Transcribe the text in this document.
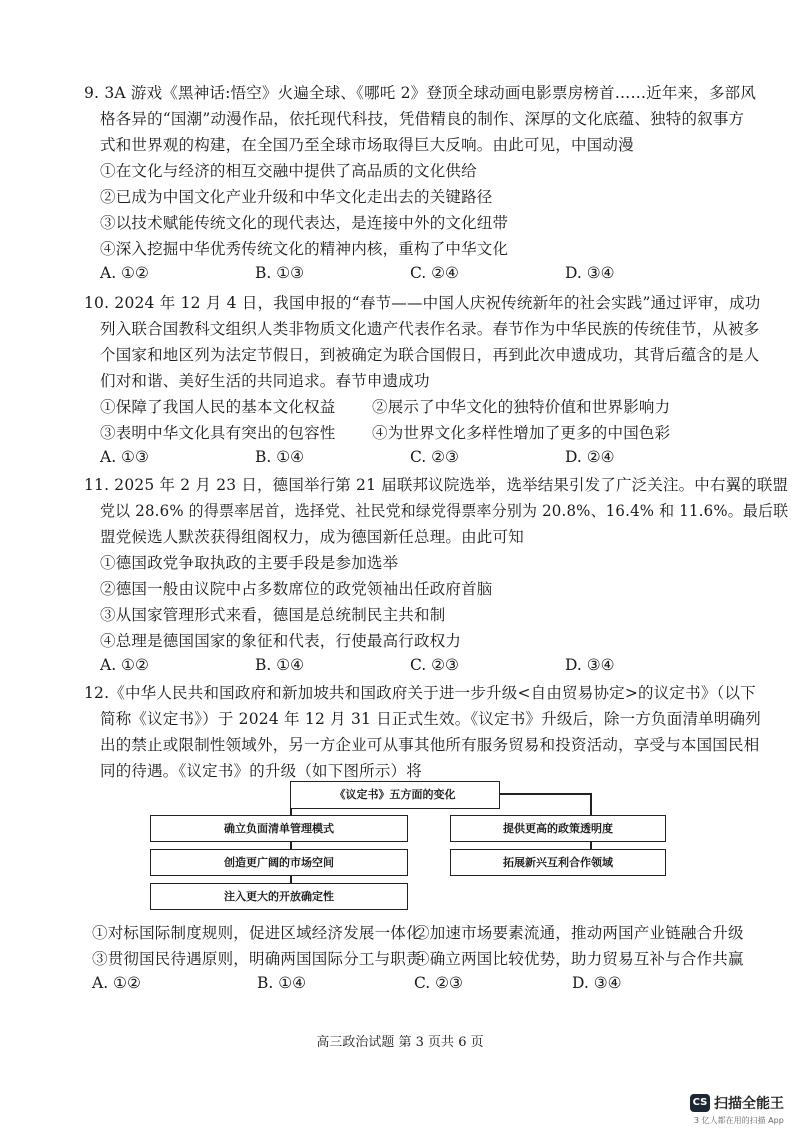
9. 3A 游戏《黑神话:悟空》火遍全球、《哪吒 2》登顶全球动画电影票房榜首……近年来，多部风
格各异的“国潮”动漫作品，依托现代科技，凭借精良的制作、深厚的文化底蕴、独特的叙事方
式和世界观的构建，在全国乃至全球市场取得巨大反响。由此可见，中国动漫
①在文化与经济的相互交融中提供了高品质的文化供给
②已成为中国文化产业升级和中华文化走出去的关键路径
③以技术赋能传统文化的现代表达，是连接中外的文化纽带
④深入挖掘中华优秀传统文化的精神内核，重构了中华文化
A. ①②	B. ①③	C. ②④	D. ③④
10. 2024 年 12 月 4 日，我国申报的“春节——中国人庆祝传统新年的社会实践”通过评审，成功
列入联合国教科文组织人类非物质文化遗产代表作名录。春节作为中华民族的传统佳节，从被多
个国家和地区列为法定节假日，到被确定为联合国假日，再到此次申遗成功，其背后蕴含的是人
们对和谐、美好生活的共同追求。春节申遗成功
①保障了我国人民的基本文化权益 ②展示了中华文化的独特价值和世界影响力
③表明中华文化具有突出的包容性 ④为世界文化多样性增加了更多的中国色彩
A. ①③	B. ①④	C. ②③	D. ②④
11. 2025 年 2 月 23 日，德国举行第 21 届联邦议院选举，选举结果引发了广泛关注。中右翼的联盟
党以 28.6% 的得票率居首，选择党、社民党和绿党得票率分别为 20.8%、16.4% 和 11.6%。最后联
盟党候选人默茨获得组阁权力，成为德国新任总理。由此可知
①德国政党争取执政的主要手段是参加选举
②德国一般由议院中占多数席位的政党领袖出任政府首脑
③从国家管理形式来看，德国是总统制民主共和制
④总理是德国国家的象征和代表，行使最高行政权力
A. ①②	B. ①④	C. ②③	D. ③④
12.《中华人民共和国政府和新加坡共和国政府关于进一步升级<自由贸易协定>的议定书》（以下
简称《议定书》）于 2024 年 12 月 31 日正式生效。《议定书》升级后，除一方负面清单明确列
出的禁止或限制性领域外，另一方企业可从事其他所有服务贸易和投资活动，享受与本国国民相
同的待遇。《议定书》的升级（如下图所示）将
《议定书》五方面的变化
确立负面清单管理模式
创造更广阔的市场空间
注入更大的开放确定性
提供更高的政策透明度
拓展新兴互利合作领域
①对标国际制度规则，促进区域经济发展一体化
②加速市场要素流通，推动两国产业链融合升级
③贯彻国民待遇原则，明确两国国际分工与职责
④确立两国比较优势，助力贸易互补与合作共赢
A. ①②	B. ①④	C. ②③	D. ③④
高三政治试题 第 3 页共 6 页
CS 扫描全能王
3 亿人都在用的扫描 App
